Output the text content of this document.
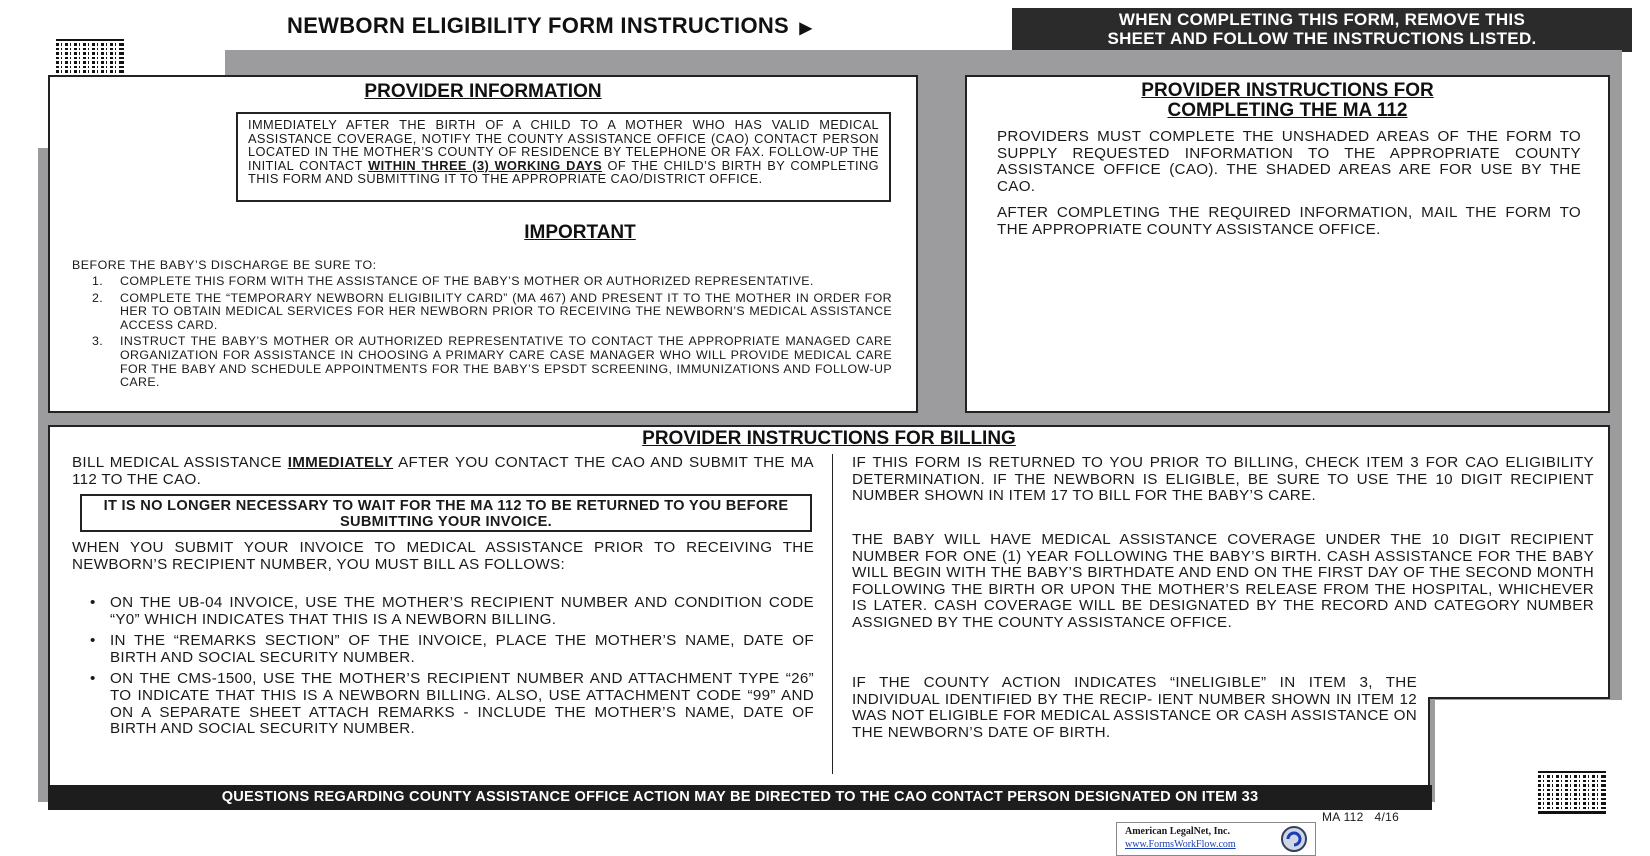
NEWBORN ELIGIBILITY FORM INSTRUCTIONS ▶	WHEN COMPLETING THIS FORM, REMOVE THIS
SHEET AND FOLLOW THE INSTRUCTIONS LISTED.
PROVIDER INFORMATION
IMMEDIATELY AFTER THE BIRTH OF A CHILD TO A MOTHER WHO HAS VALID MEDICAL ASSISTANCE COVERAGE, NOTIFY THE COUNTY ASSISTANCE OFFICE (CAO) CONTACT PERSON LOCATED IN THE MOTHER’S COUNTY OF RESIDENCE BY TELEPHONE OR FAX. FOLLOW-UP THE INITIAL CONTACT WITHIN THREE (3) WORKING DAYS OF THE CHILD’S BIRTH BY COMPLETING THIS FORM AND SUBMITTING IT TO THE APPROPRIATE CAO/DISTRICT OFFICE.
IMPORTANT
BEFORE THE BABY’S DISCHARGE BE SURE TO:
1. COMPLETE THIS FORM WITH THE ASSISTANCE OF THE BABY’S MOTHER OR AUTHORIZED REPRESENTATIVE.
2. COMPLETE THE “TEMPORARY NEWBORN ELIGIBILITY CARD” (MA 467) AND PRESENT IT TO THE MOTHER IN ORDER FOR HER TO OBTAIN MEDICAL SERVICES FOR HER NEWBORN PRIOR TO RECEIVING THE NEWBORN’S MEDICAL ASSISTANCE ACCESS CARD.
3. INSTRUCT THE BABY’S MOTHER OR AUTHORIZED REPRESENTATIVE TO CONTACT THE APPROPRIATE MANAGED CARE ORGANIZATION FOR ASSISTANCE IN CHOOSING A PRIMARY CARE CASE MANAGER WHO WILL PROVIDE MEDICAL CARE FOR THE BABY AND SCHEDULE APPOINTMENTS FOR THE BABY’S EPSDT SCREENING, IMMUNIZATIONS AND FOLLOW-UP CARE.
PROVIDER INSTRUCTIONS FOR
COMPLETING THE MA 112
PROVIDERS MUST COMPLETE THE UNSHADED AREAS OF THE FORM TO SUPPLY REQUESTED INFORMATION TO THE APPROPRIATE COUNTY ASSISTANCE OFFICE (CAO). THE SHADED AREAS ARE FOR USE BY THE CAO.
AFTER COMPLETING THE REQUIRED INFORMATION, MAIL THE FORM TO THE APPROPRIATE COUNTY ASSISTANCE OFFICE.
PROVIDER INSTRUCTIONS FOR BILLING
BILL MEDICAL ASSISTANCE IMMEDIATELY AFTER YOU CONTACT THE CAO AND SUBMIT THE MA 112 TO THE CAO.
IT IS NO LONGER NECESSARY TO WAIT FOR THE MA 112 TO BE RETURNED TO YOU BEFORE SUBMITTING YOUR INVOICE.
WHEN YOU SUBMIT YOUR INVOICE TO MEDICAL ASSISTANCE PRIOR TO RECEIVING THE NEWBORN’S RECIPIENT NUMBER, YOU MUST BILL AS FOLLOWS:
• ON THE UB-04 INVOICE, USE THE MOTHER’S RECIPIENT NUMBER AND CONDITION CODE “Y0” WHICH INDICATES THAT THIS IS A NEWBORN BILLING.
• IN THE “REMARKS SECTION” OF THE INVOICE, PLACE THE MOTHER’S NAME, DATE OF BIRTH AND SOCIAL SECURITY NUMBER.
• ON THE CMS-1500, USE THE MOTHER’S RECIPIENT NUMBER AND ATTACHMENT TYPE “26” TO INDICATE THAT THIS IS A NEWBORN BILLING. ALSO, USE ATTACHMENT CODE “99” AND ON A SEPARATE SHEET ATTACH REMARKS - INCLUDE THE MOTHER’S NAME, DATE OF BIRTH AND SOCIAL SECURITY NUMBER.
IF THIS FORM IS RETURNED TO YOU PRIOR TO BILLING, CHECK ITEM 3 FOR CAO ELIGIBILITY DETERMINATION. IF THE NEWBORN IS ELIGIBLE, BE SURE TO USE THE 10 DIGIT RECIPIENT NUMBER SHOWN IN ITEM 17 TO BILL FOR THE BABY’S CARE.
THE BABY WILL HAVE MEDICAL ASSISTANCE COVERAGE UNDER THE 10 DIGIT RECIPIENT NUMBER FOR ONE (1) YEAR FOLLOWING THE BABY’S BIRTH. CASH ASSISTANCE FOR THE BABY WILL BEGIN WITH THE BABY’S BIRTHDATE AND END ON THE FIRST DAY OF THE SECOND MONTH FOLLOWING THE BIRTH OR UPON THE MOTHER’S RELEASE FROM THE HOSPITAL, WHICHEVER IS LATER. CASH COVERAGE WILL BE DESIGNATED BY THE RECORD AND CATEGORY NUMBER ASSIGNED BY THE COUNTY ASSISTANCE OFFICE.
IF THE COUNTY ACTION INDICATES “INELIGIBLE” IN ITEM 3, THE INDIVIDUAL IDENTIFIED BY THE RECIP- IENT NUMBER SHOWN IN ITEM 12 WAS NOT ELIGIBLE FOR MEDICAL ASSISTANCE OR CASH ASSISTANCE ON THE NEWBORN’S DATE OF BIRTH.
QUESTIONS REGARDING COUNTY ASSISTANCE OFFICE ACTION MAY BE DIRECTED TO THE CAO CONTACT PERSON DESIGNATED ON ITEM 33
MA 112 4/16
American LegalNet, Inc.
www.FormsWorkFlow.com
